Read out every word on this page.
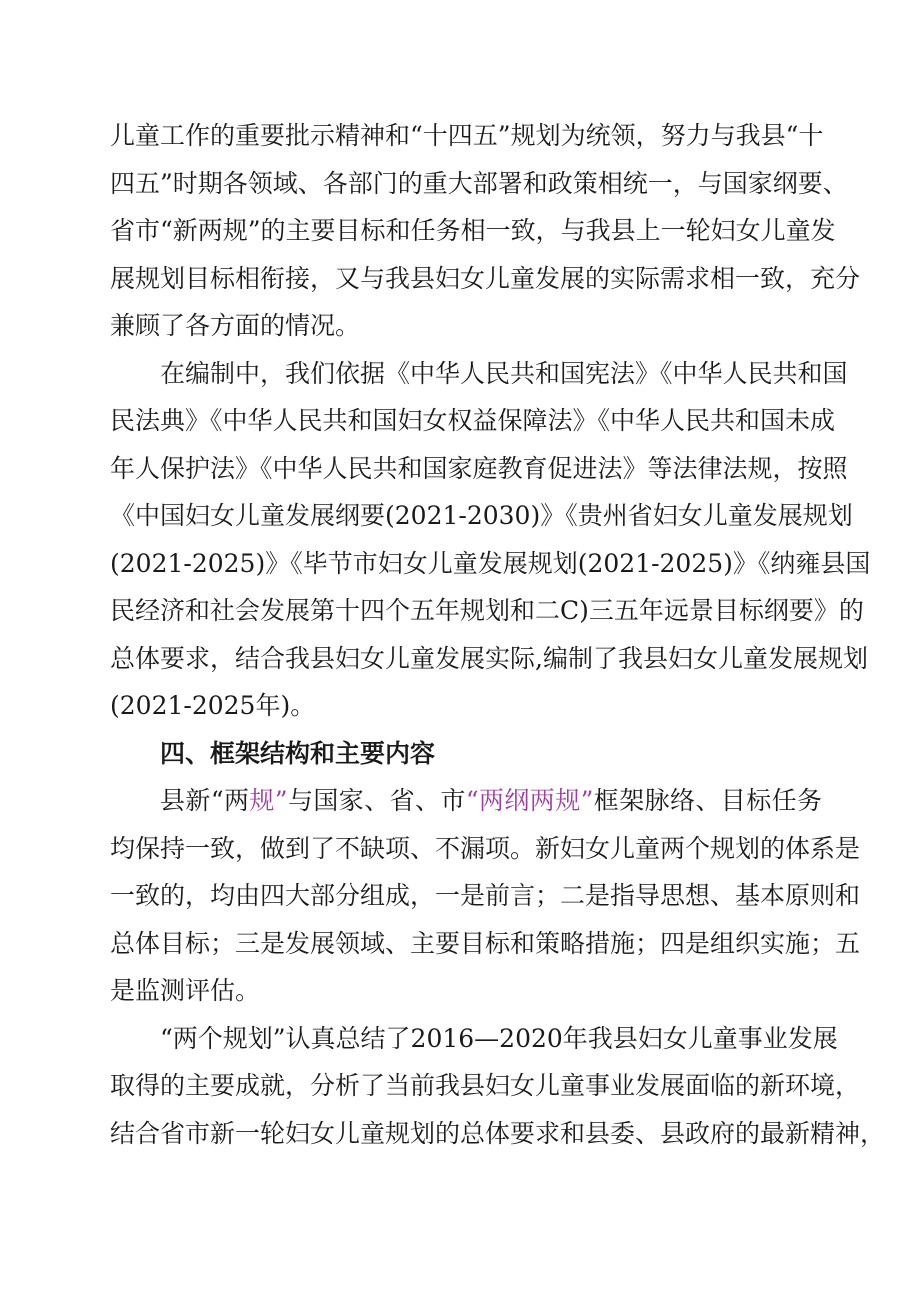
儿童工作的重要批示精神和“十四五”规划为统领，努力与我县“十
四五”时期各领域、各部门的重大部署和政策相统一，与国家纲要、
省市“新两规”的主要目标和任务相一致，与我县上一轮妇女儿童发
展规划目标相衔接，又与我县妇女儿童发展的实际需求相一致，充分
兼顾了各方面的情况。
在编制中，我们依据《中华人民共和国宪法》《中华人民共和国
民法典》《中华人民共和国妇女权益保障法》《中华人民共和国未成
年人保护法》《中华人民共和国家庭教育促进法》等法律法规，按照
《中国妇女儿童发展纲要(2021-2030)》《贵州省妇女儿童发展规划
(2021-2025)》《毕节市妇女儿童发展规划(2021-2025)》《纳雍县国
民经济和社会发展第十四个五年规划和二C)三五年远景目标纲要》的
总体要求，结合我县妇女儿童发展实际,编制了我县妇女儿童发展规划
(2021-2025年)。
四、框架结构和主要内容
县新“两规”与国家、省、市“两纲两规”框架脉络、目标任务
均保持一致，做到了不缺项、不漏项。新妇女儿童两个规划的体系是
一致的，均由四大部分组成，一是前言；二是指导思想、基本原则和
总体目标；三是发展领域、主要目标和策略措施；四是组织实施；五
是监测评估。
“两个规划”认真总结了2016—2020年我县妇女儿童事业发展
取得的主要成就，分析了当前我县妇女儿童事业发展面临的新环境，
结合省市新一轮妇女儿童规划的总体要求和县委、县政府的最新精神，
